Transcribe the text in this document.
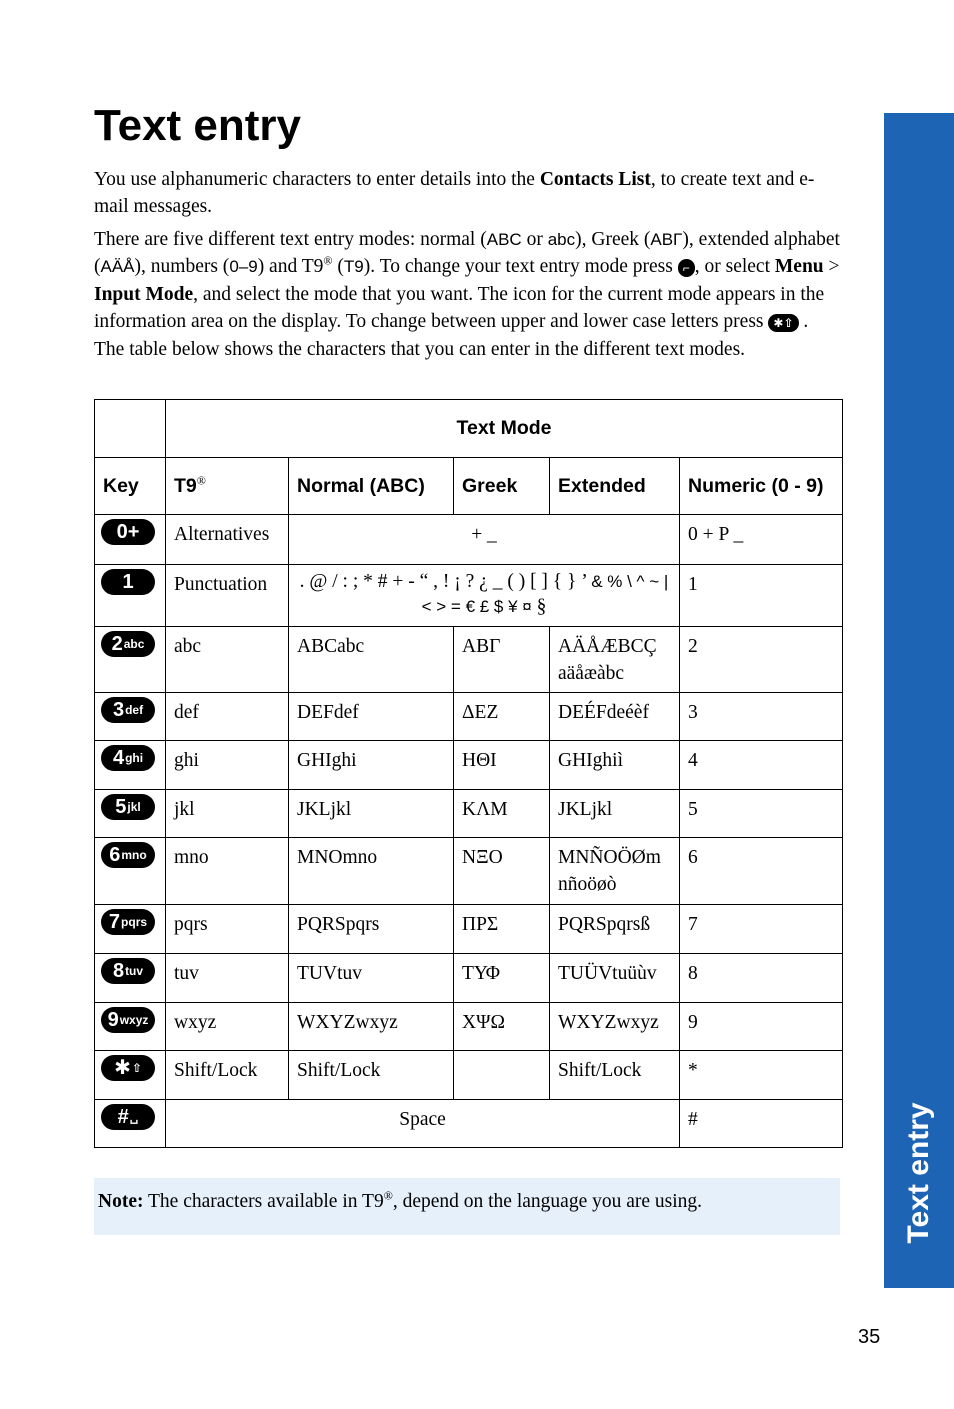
Text entry
Text entry

You use alphanumeric characters to enter details into the Contacts List, to create text and e-mail messages.

There are five different text entry modes: normal (ABC or abc), Greek (ΑΒΓ), extended alphabet (AÄÅ), numbers (0–9) and T9® (T9). To change your text entry mode press ⌐ , or select Menu > Input Mode, and select the mode that you want. The icon for the current mode appears in the information area on the display. To change between upper and lower case letters press ✱⇧ . The table below shows the characters that you can enter in the different text modes.

	Text Mode				
Key	T9®	Normal (ABC)	Greek	Extended	Numeric (0 - 9)

0 +	Alternatives	+ _			0 + P _

1	Punctuation	. @ / : ; * # + - “ , ! ¡ ? ¿ _ ( ) [ ] { } ’ & % \ ^ ~ | < > = € £ $ ¥ ¤ §			1

2 abc	abc	ABCabc	ΑΒΓ	AÄÅÆBCÇ aäåæàbc	2

3 def	def	DEFdef	ΔΕΖ	DEÉFdeéèf	3

4 ghi	ghi	GHIghi	ΗΘΙ	GHIghiì	4

5 jkl	jkl	JKLjkl	ΚΛΜ	JKLjkl	5

6 mno	mno	MNOmno	ΝΞΟ	MNÑOÖØm nñoöøò	6

7 pqrs	pqrs	PQRSpqrs	ΠΡΣ	PQRSpqrsß	7

8 tuv	tuv	TUVtuv	ΤΥΦ	TUÜVtuüùv	8

9 wxyz	wxyz	WXYZwxyz	ΧΨΩ	WXYZwxyz	9

✱ ⇧	Shift/Lock	Shift/Lock		Shift/Lock	*

# ␣	Space				#
Note: The characters available in T9®, depend on the language you are using.
35
